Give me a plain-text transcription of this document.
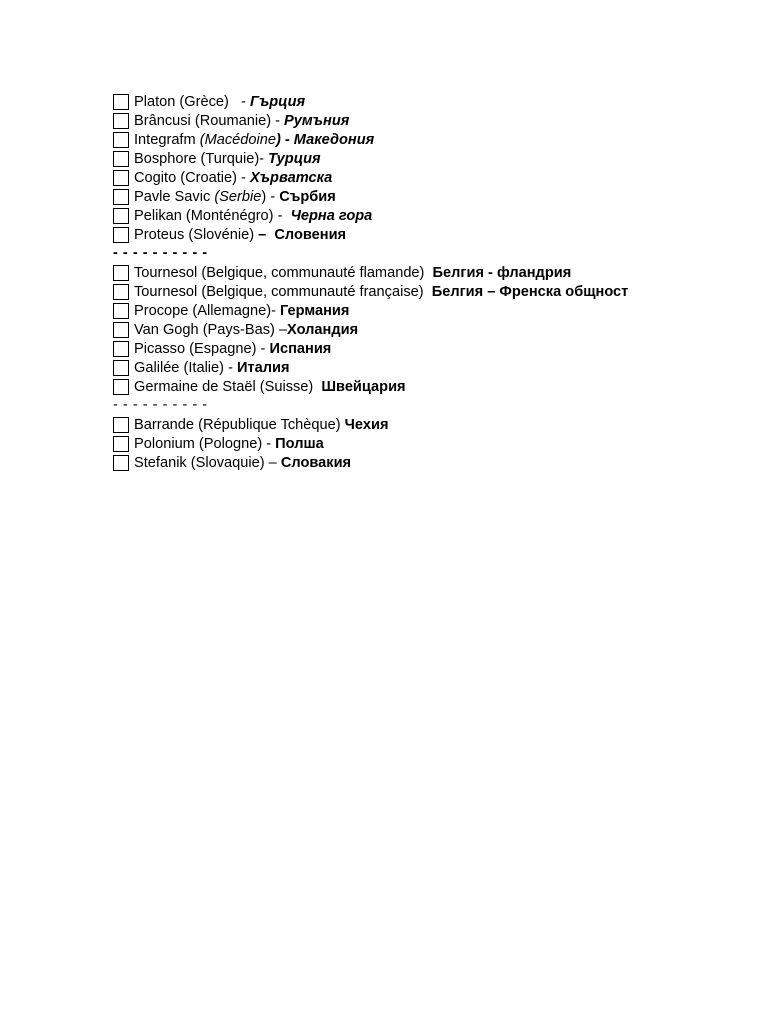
Platon (Grèce)   - Гърция
Brâncusi (Roumanie) - Румъния
Integrafm (Macédoine) - Македония
Bosphore (Turquie)- Турция
Cogito (Croatie) - Хърватска
Pavle Savic (Serbie) - Сърбия
Pelikan (Monténégro) -  Черна гора
Proteus (Slovénie) –  Словения
- - - - - - - - - -
Tournesol (Belgique, communauté flamande)  Белгия - фландрия
Tournesol (Belgique, communauté française)  Белгия – Френска общност
Procope (Allemagne)- Германия
Van Gogh (Pays-Bas) –Холандия
Picasso (Espagne) - Испания
Galilée (Italie) - Италия
Germaine de Staël (Suisse)  Швейцария
- - - - - - - - - -
Barrande (République Tchèque) Чехия
Polonium (Pologne) - Полша
Stefanik (Slovaquie) – Словакия
